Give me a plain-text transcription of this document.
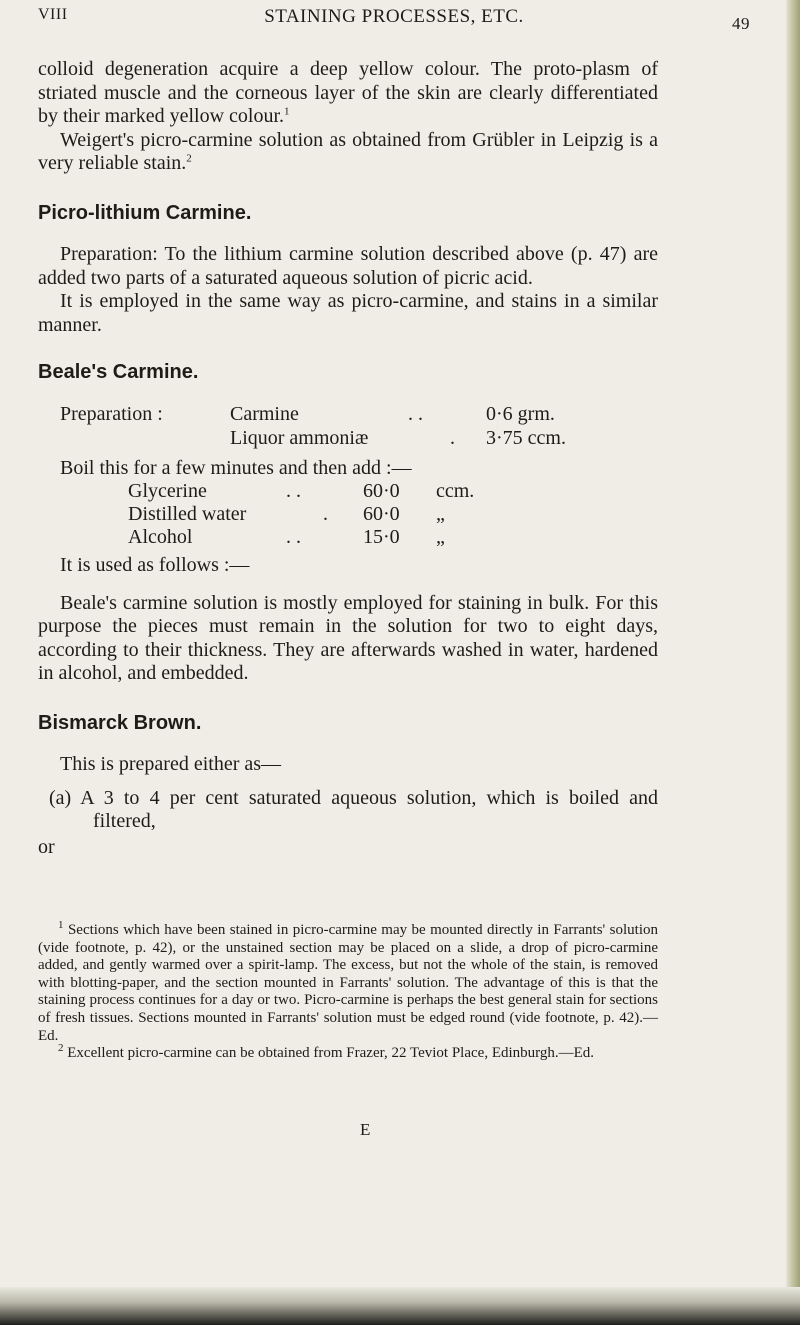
VIII	STAINING PROCESSES, ETC.	49

colloid degeneration acquire a deep yellow colour. The proto-plasm of striated muscle and the corneous layer of the skin are clearly differentiated by their marked yellow colour.$^1$

Weigert's picro-carmine solution as obtained from Grübler in Leipzig is a very reliable stain.$^2$

Picro-lithium Carmine.

Preparation: To the lithium carmine solution described above (p. 47) are added two parts of a saturated aqueous solution of picric acid.

It is employed in the same way as picro-carmine, and stains in a similar manner.

Beale's Carmine.
Preparation :	Carmine	. .	0·6 grm.
Liquor ammoniæ	. 3·75 ccm.

Boil this for a few minutes and then add :—

Glycerine	. .	60·0 ccm.
Distilled water	. 60·0 „
Alcohol	. .	15·0 „

It is used as follows :—

Beale's carmine solution is mostly employed for staining in bulk. For this purpose the pieces must remain in the solution for two to eight days, according to their thickness. They are afterwards washed in water, hardened in alcohol, and embedded.

Bismarck Brown.

This is prepared either as—

(a) A 3 to 4 per cent saturated aqueous solution, which is boiled and filtered,

or

$^1$ Sections which have been stained in picro-carmine may be mounted directly in Farrants' solution (vide footnote, p. 42), or the unstained section may be placed on a slide, a drop of picro-carmine added, and gently warmed over a spirit-lamp. The excess, but not the whole of the stain, is removed with blotting-paper, and the section mounted in Farrants' solution. The advantage of this is that the staining process continues for a day or two. Picro-carmine is perhaps the best general stain for sections of fresh tissues. Sections mounted in Farrants' solution must be edged round (vide footnote, p. 42).—Ed.

$^2$ Excellent picro-carmine can be obtained from Frazer, 22 Teviot Place, Edinburgh.—Ed.

E
